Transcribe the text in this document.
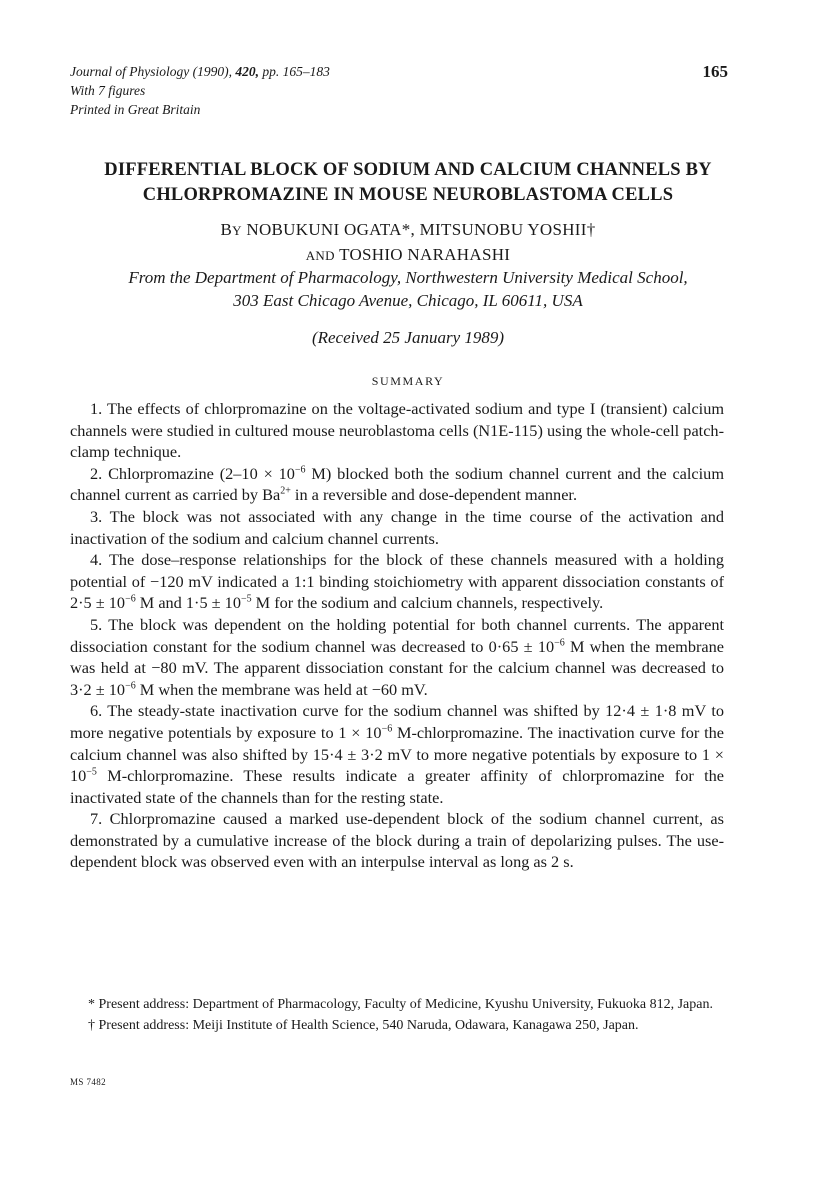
Journal of Physiology (1990), 420, pp. 165–183
With 7 figures
Printed in Great Britain
165
DIFFERENTIAL BLOCK OF SODIUM AND CALCIUM CHANNELS BY
CHLORPROMAZINE IN MOUSE NEUROBLASTOMA CELLS
BY NOBUKUNI OGATA*, MITSUNOBU YOSHII†
AND TOSHIO NARAHASHI
From the Department of Pharmacology, Northwestern University Medical School,
303 East Chicago Avenue, Chicago, IL 60611, USA
(Received 25 January 1989)
SUMMARY

1. The effects of chlorpromazine on the voltage-activated sodium and type I (transient) calcium channels were studied in cultured mouse neuroblastoma cells (N1E-115) using the whole-cell patch-clamp technique.

2. Chlorpromazine ($2-10 \times 10^{-6}$ M) blocked both the sodium channel current and the calcium channel current as carried by $Ba^{2+}$ in a reversible and dose-dependent manner.

3. The block was not associated with any change in the time course of the activation and inactivation of the sodium and calcium channel currents.

4. The dose–response relationships for the block of these channels measured with a holding potential of −120 mV indicated a 1:1 binding stoichiometry with apparent dissociation constants of $2\cdot 5 \pm 10^{-6}$ M and $1\cdot 5 \pm 10^{-5}$ M for the sodium and calcium channels, respectively.

5. The block was dependent on the holding potential for both channel currents. The apparent dissociation constant for the sodium channel was decreased to $0\cdot 65 \pm 10^{-6}$ M when the membrane was held at −80 mV. The apparent dissociation constant for the calcium channel was decreased to $3\cdot 2 \pm 10^{-6}$ M when the membrane was held at −60 mV.

6. The steady-state inactivation curve for the sodium channel was shifted by 12·4 ± 1·8 mV to more negative potentials by exposure to $1 \times 10^{-6}$ M-chlorpromazine. The inactivation curve for the calcium channel was also shifted by 15·4 ± 3·2 mV to more negative potentials by exposure to $1 \times 10^{-5}$ M-chlorpromazine. These results indicate a greater affinity of chlorpromazine for the inactivated state of the channels than for the resting state.

7. Chlorpromazine caused a marked use-dependent block of the sodium channel current, as demonstrated by a cumulative increase of the block during a train of depolarizing pulses. The use-dependent block was observed even with an interpulse interval as long as 2 s.

* Present address: Department of Pharmacology, Faculty of Medicine, Kyushu University, Fukuoka 812, Japan.

† Present address: Meiji Institute of Health Science, 540 Naruda, Odawara, Kanagawa 250, Japan.

MS 7482
